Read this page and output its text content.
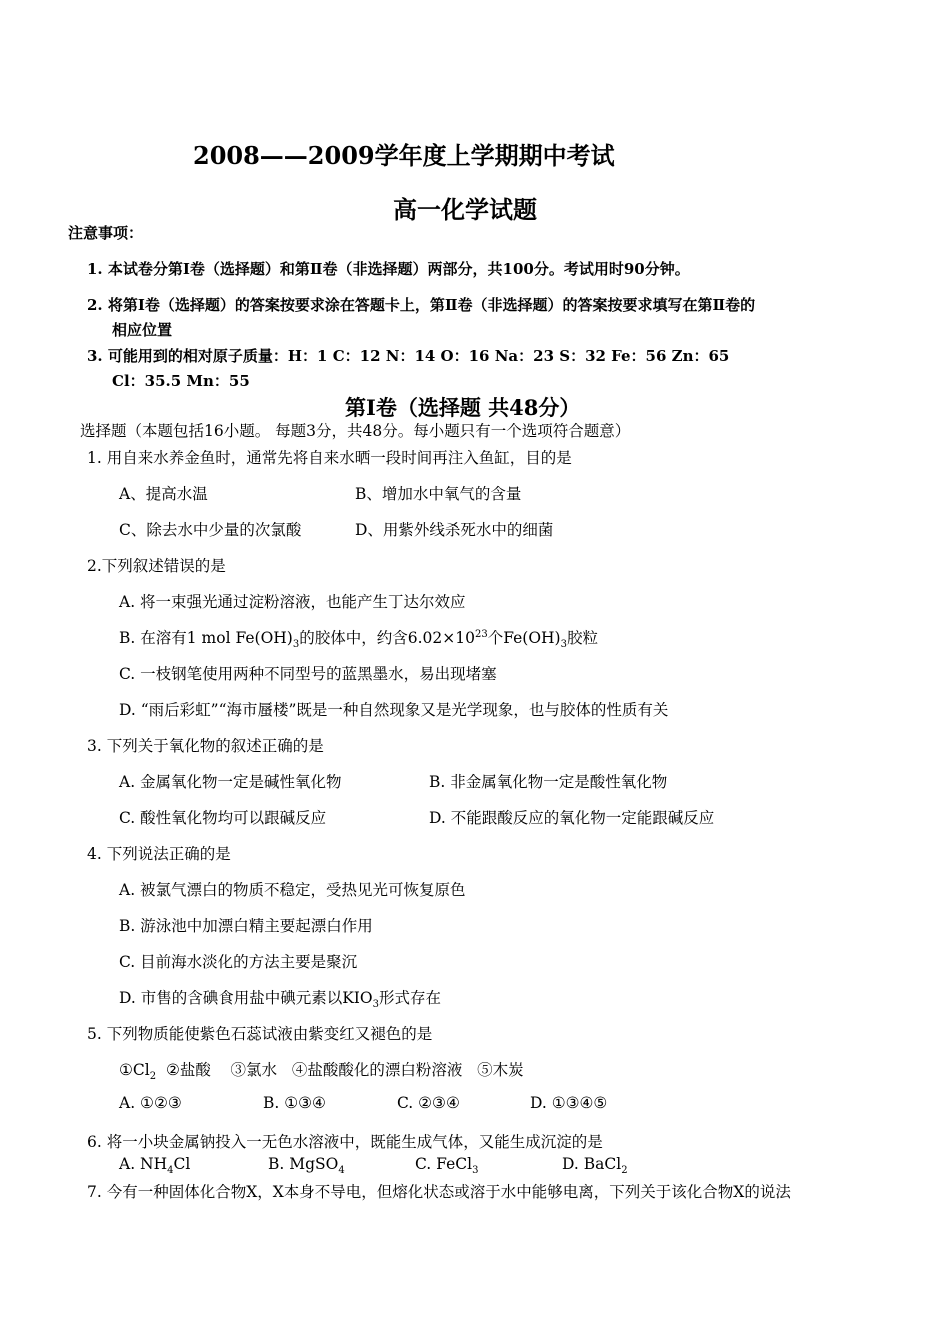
2008——2009学年度上学期期中考试
高一化学试题
注意事项：
1. 本试卷分第Ⅰ卷（选择题）和第Ⅱ卷（非选择题）两部分，共100分。考试用时90分钟。
2. 将第Ⅰ卷（选择题）的答案按要求涂在答题卡上，第Ⅱ卷（非选择题）的答案按要求填写在第Ⅱ卷的
相应位置
3. 可能用到的相对原子质量：H：1 C：12 N：14 O：16 Na：23 S：32 Fe：56 Zn：65
Cl：35.5 Mn：55
第Ⅰ卷（选择题 共48分）
选择题（本题包括16小题。 每题3分，共48分。每小题只有一个选项符合题意）
1. 用自来水养金鱼时，通常先将自来水晒一段时间再注入鱼缸，目的是
A、提高水温	B、增加水中氧气的含量
C、除去水中少量的次氯酸	D、用紫外线杀死水中的细菌
2.下列叙述错误的是
A. 将一束强光通过淀粉溶液，也能产生丁达尔效应
B. 在溶有1 mol $Fe(OH)_3$的胶体中，约含$6.02\times 10^{23}$个$Fe(OH)_3$胶粒
C. 一枝钢笔使用两种不同型号的蓝黑墨水，易出现堵塞
D. “雨后彩虹”“海市蜃楼”既是一种自然现象又是光学现象，也与胶体的性质有关
3. 下列关于氧化物的叙述正确的是
A. 金属氧化物一定是碱性氧化物	B. 非金属氧化物一定是酸性氧化物
C. 酸性氧化物均可以跟碱反应	D. 不能跟酸反应的氧化物一定能跟碱反应
4. 下列说法正确的是
A. 被氯气漂白的物质不稳定，受热见光可恢复原色
B. 游泳池中加漂白精主要起漂白作用
C. 目前海水淡化的方法主要是聚沉
D. 市售的含碘食用盐中碘元素以$KIO_3$形式存在
5. 下列物质能使紫色石蕊试液由紫变红又褪色的是
$①Cl_2$  ②盐酸    ③氯水   ④盐酸酸化的漂白粉溶液   ⑤木炭
A. ①②③	B. ①③④	C. ②③④	D. ①③④⑤
6. 将一小块金属钠投入一无色水溶液中，既能生成气体，又能生成沉淀的是
A. $NH_4Cl$	B. MgSO$_4$	C. FeCl$_3$	D. BaCl$_2$
7. 今有一种固体化合物X，X本身不导电，但熔化状态或溶于水中能够电离，下列关于该化合物X的说法
